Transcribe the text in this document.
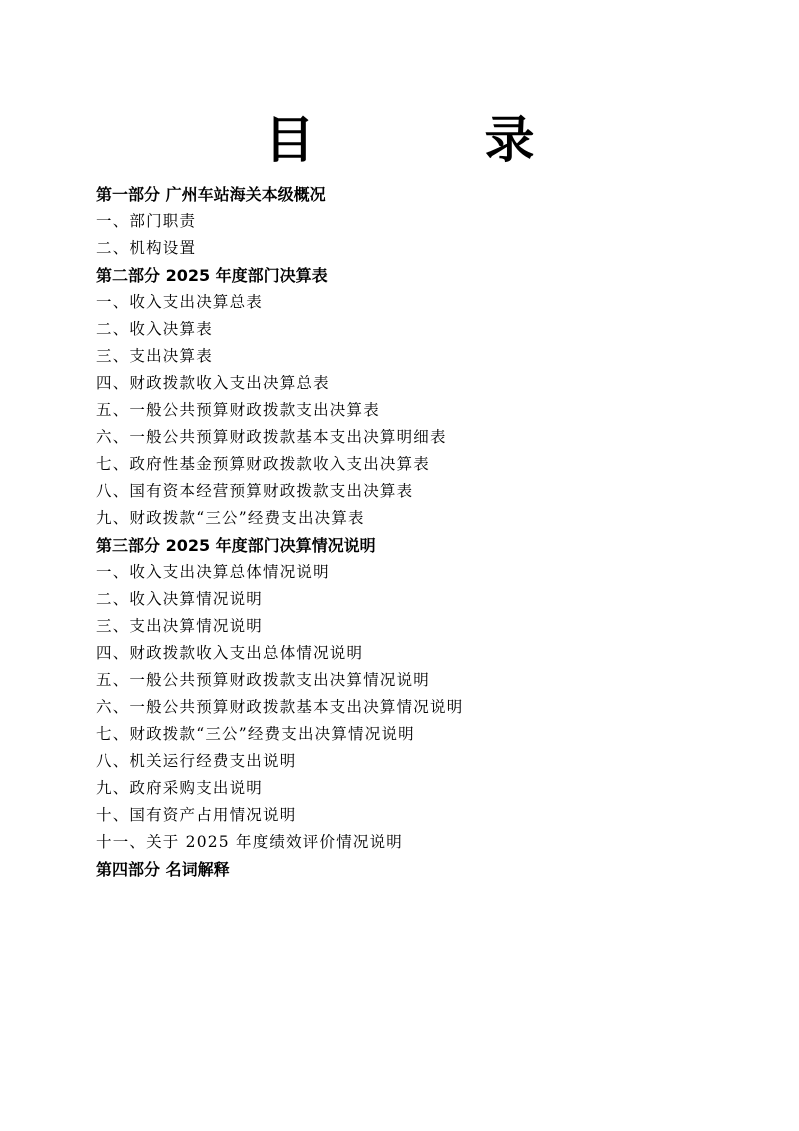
目　录
第一部分 广州车站海关本级概况
一、部门职责
二、机构设置
第二部分 2025 年度部门决算表
一、收入支出决算总表
二、收入决算表
三、支出决算表
四、财政拨款收入支出决算总表
五、一般公共预算财政拨款支出决算表
六、一般公共预算财政拨款基本支出决算明细表
七、政府性基金预算财政拨款收入支出决算表
八、国有资本经营预算财政拨款支出决算表
九、财政拨款“三公”经费支出决算表
第三部分 2025 年度部门决算情况说明
一、收入支出决算总体情况说明
二、收入决算情况说明
三、支出决算情况说明
四、财政拨款收入支出总体情况说明
五、一般公共预算财政拨款支出决算情况说明
六、一般公共预算财政拨款基本支出决算情况说明
七、财政拨款“三公”经费支出决算情况说明
八、机关运行经费支出说明
九、政府采购支出说明
十、国有资产占用情况说明
十一、关于 2025 年度绩效评价情况说明
第四部分 名词解释
